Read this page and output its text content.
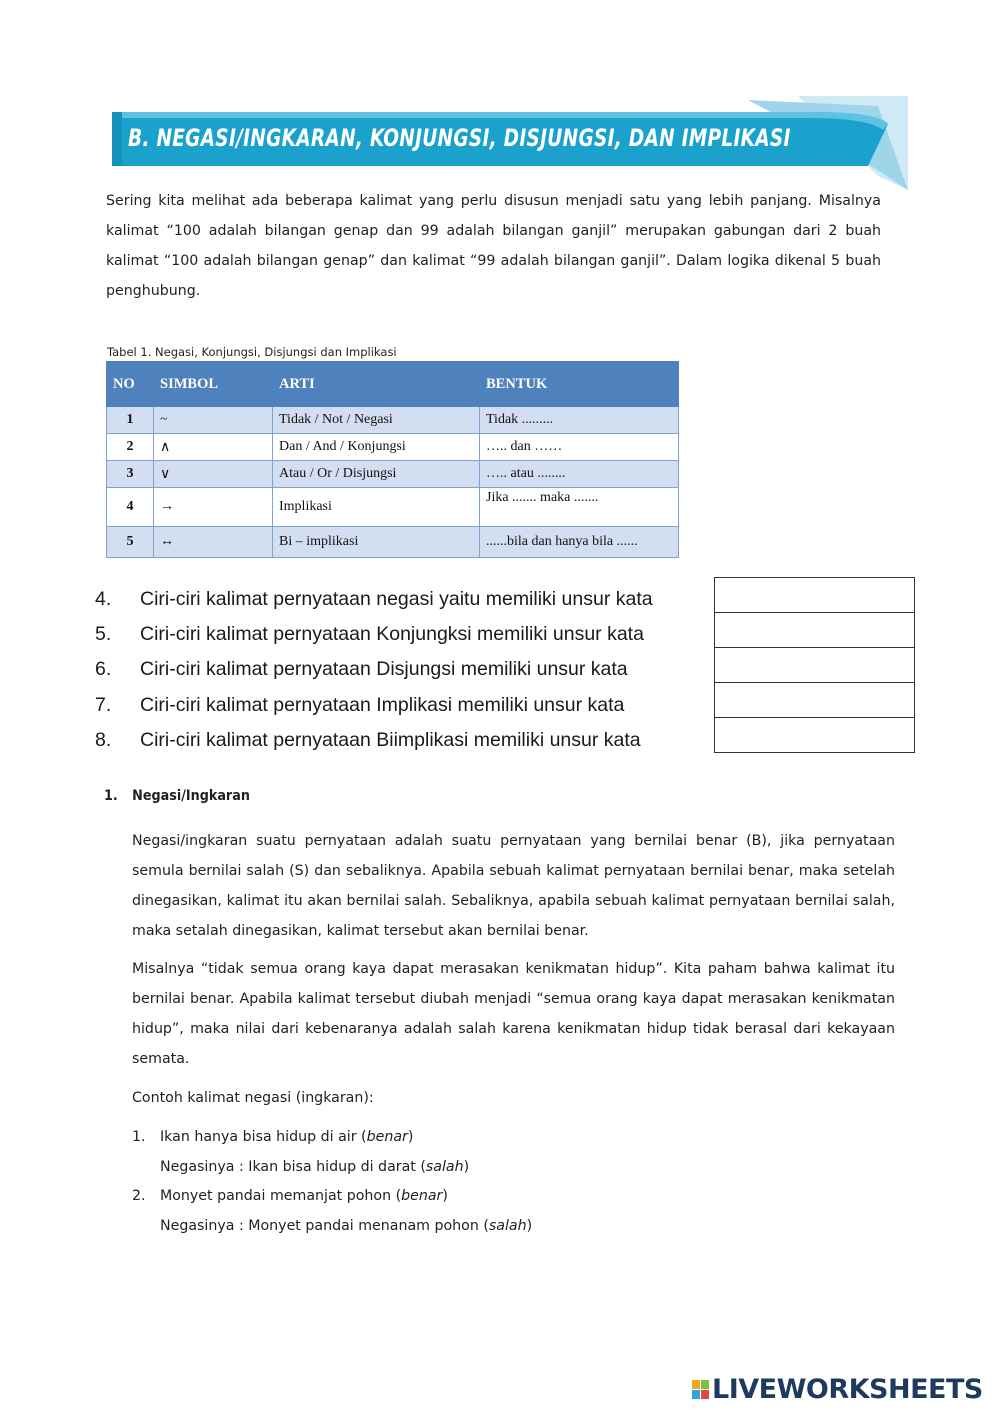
B. NEGASI/INGKARAN, KONJUNGSI, DISJUNGSI, DAN IMPLIKASI

Sering kita melihat ada beberapa kalimat yang perlu disusun menjadi satu yang lebih panjang. Misalnya kalimat “100 adalah bilangan genap dan 99 adalah bilangan ganjil” merupakan gabungan dari 2 buah kalimat “100 adalah bilangan genap” dan kalimat “99 adalah bilangan ganjil”. Dalam logika dikenal 5 buah penghubung.

Tabel 1. Negasi, Konjungsi, Disjungsi dan Implikasi
NO	SIMBOL	ARTI	BENTUK
1	~	Tidak / Not / Negasi	Tidak .........
2	∧	Dan / And / Konjungsi	….. dan ……
3	∨	Atau / Or / Disjungsi	….. atau ........
4	→	Implikasi	Jika ....... maka .......
5	↔	Bi – implikasi	......bila dan hanya bila ......
4.	Ciri-ciri kalimat pernyataan negasi yaitu memiliki unsur kata
5.	Ciri-ciri kalimat pernyataan Konjungksi memiliki unsur kata
6.	Ciri-ciri kalimat pernyataan Disjungsi memiliki unsur kata
7.	Ciri-ciri kalimat pernyataan Implikasi memiliki unsur kata
8.	Ciri-ciri kalimat pernyataan Biimplikasi memiliki unsur kata
1. Negasi/Ingkaran

Negasi/ingkaran suatu pernyataan adalah suatu pernyataan yang bernilai benar (B), jika pernyataan semula bernilai salah (S) dan sebaliknya. Apabila sebuah kalimat pernyataan bernilai benar, maka setelah dinegasikan, kalimat itu akan bernilai salah. Sebaliknya, apabila sebuah kalimat pernyataan bernilai salah, maka setalah dinegasikan, kalimat tersebut akan bernilai benar.

Misalnya “tidak semua orang kaya dapat merasakan kenikmatan hidup”. Kita paham bahwa kalimat itu bernilai benar. Apabila kalimat tersebut diubah menjadi “semua orang kaya dapat merasakan kenikmatan hidup”, maka nilai dari kebenaranya adalah salah karena kenikmatan hidup tidak berasal dari kekayaan semata.

Contoh kalimat negasi (ingkaran):

1.	Ikan hanya bisa hidup di air (benar)
Negasinya : Ikan bisa hidup di darat (salah)
2.	Monyet pandai memanjat pohon (benar)
Negasinya : Monyet pandai menanam pohon (salah)
LIVEWORKSHEETS
